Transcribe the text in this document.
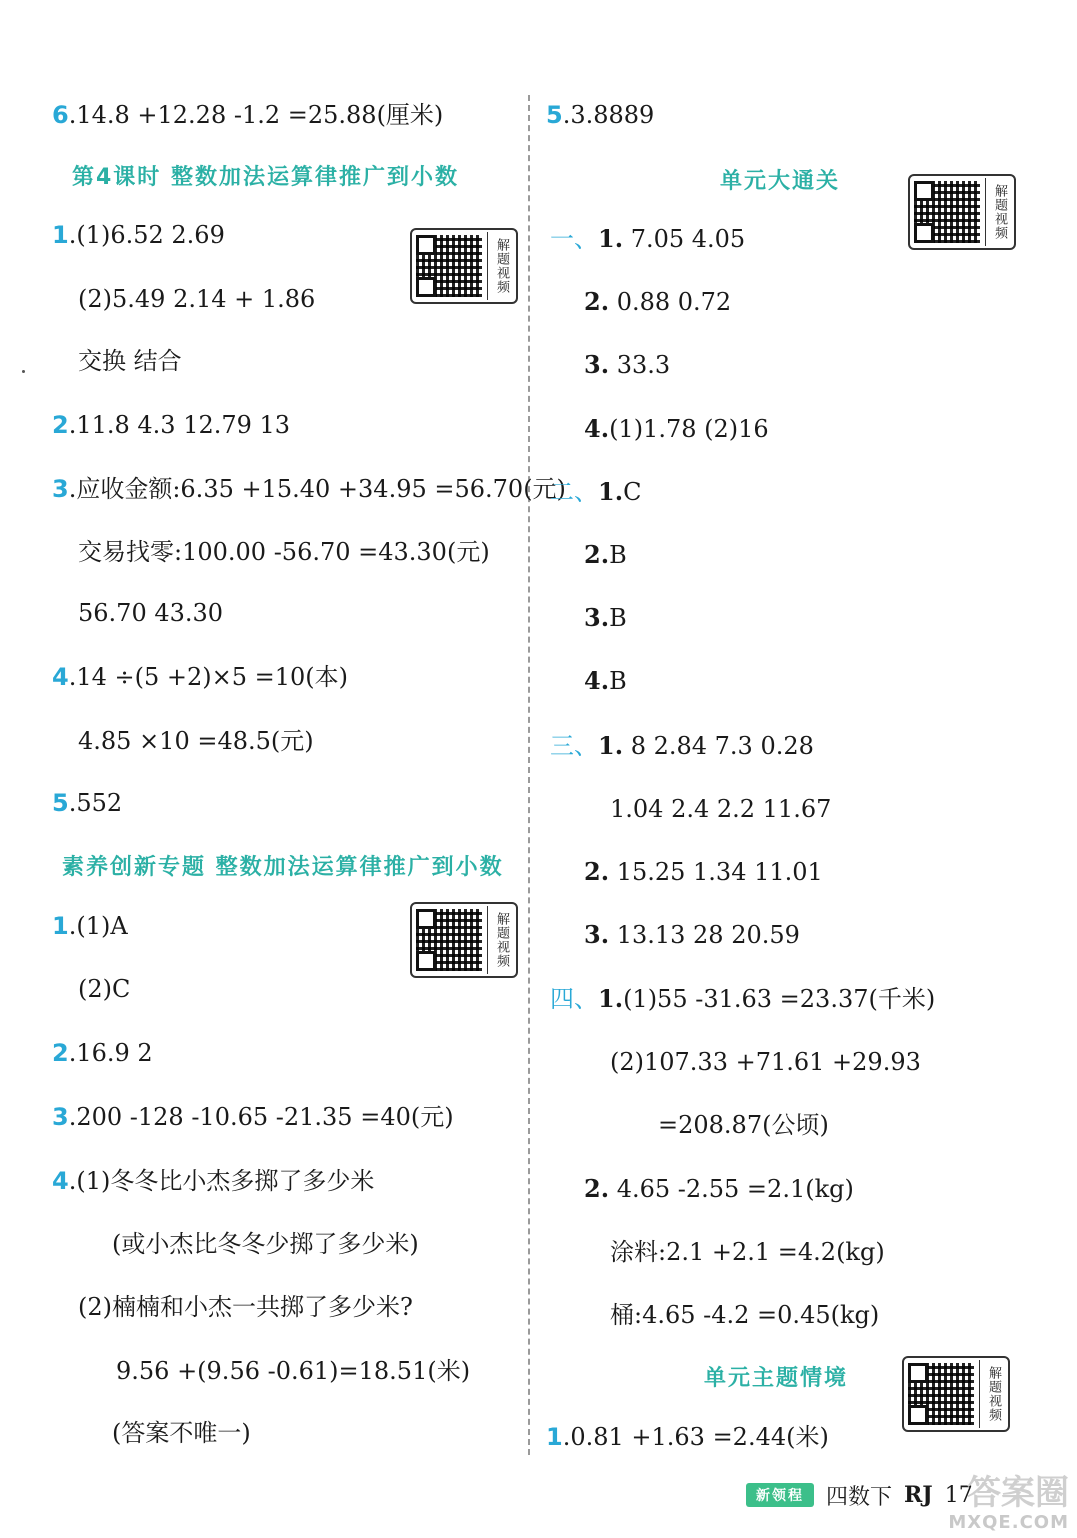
6.14.8 +12.28 -1.2 =25.88(厘米)
第4课时 整数加法运算律推广到小数
1.(1)6.52 2.69
(2)5.49 2.14 + 1.86
交换 结合
2.11.8 4.3 12.79 13
3.应收金额:6.35 +15.40 +34.95 =56.70(元)
交易找零:100.00 -56.70 =43.30(元)
56.70 43.30
4.14 ÷(5 +2)×5 =10(本)
4.85 ×10 =48.5(元)
5.552
素养创新专题 整数加法运算律推广到小数
1.(1)A
(2)C
2.16.9 2
3.200 -128 -10.65 -21.35 =40(元)
4.(1)冬冬比小杰多掷了多少米
(或小杰比冬冬少掷了多少米)
(2)楠楠和小杰一共掷了多少米?
9.56 +(9.56 -0.61)=18.51(米)
(答案不唯一)
解题视频
解题视频
解题视频
解题视频
5.3.8889
单元大通关
一、1. 7.05 4.05
2. 0.88 0.72
3. 33.3
4.(1)1.78 (2)16
二、1.C
2.B
3.B
4.B
三、1. 8 2.84 7.3 0.28
1.04 2.4 2.2 11.67
2. 15.25 1.34 11.01
3. 13.13 28 20.59
四、1.(1)55 -31.63 =23.37(千米)
(2)107.33 +71.61 +29.93
=208.87(公顷)
2. 4.65 -2.55 =2.1(kg)
涂料:2.1 +2.1 =4.2(kg)
桶:4.65 -4.2 =0.45(kg)
单元主题情境
1.0.81 +1.63 =2.44(米)
新领程	四数下 RJ 17
答案圈
MXQE.COM
